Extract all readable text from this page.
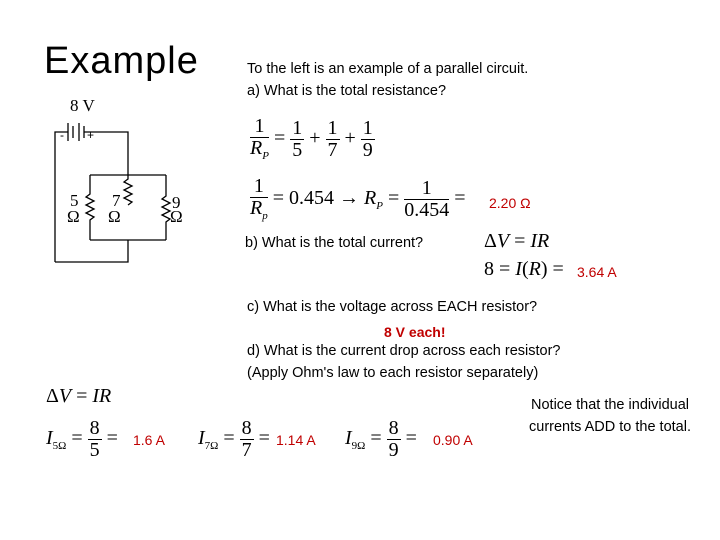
Example	To the left is an example of a parallel circuit.
a) What is the total resistance?
8 V
- +
5
Ω
7
Ω
9
Ω
$\frac{1}{R_P} = \frac{1}{5} + \frac{1}{7} + \frac{1}{9}$
$\frac{1}{R_p} = 0.454 \to R_P = \frac{1}{0.454} = 2.20$ Ω
b) What is the total current?	ΔV = IR
8 = I(R) = 3.64 A
c) What is the voltage across EACH resistor?
8 V each!
d) What is the current drop across each resistor?
(Apply Ohm's law to each resistor separately)
ΔV = IR
$I_{5\Omega} = \frac{8}{5} = 1.6$ A $I_{7\Omega} = \frac{8}{7} = 1.14$ A $I_{9\Omega} = \frac{8}{9} = 0.90$ A
Notice that the individual currents ADD to the total.
